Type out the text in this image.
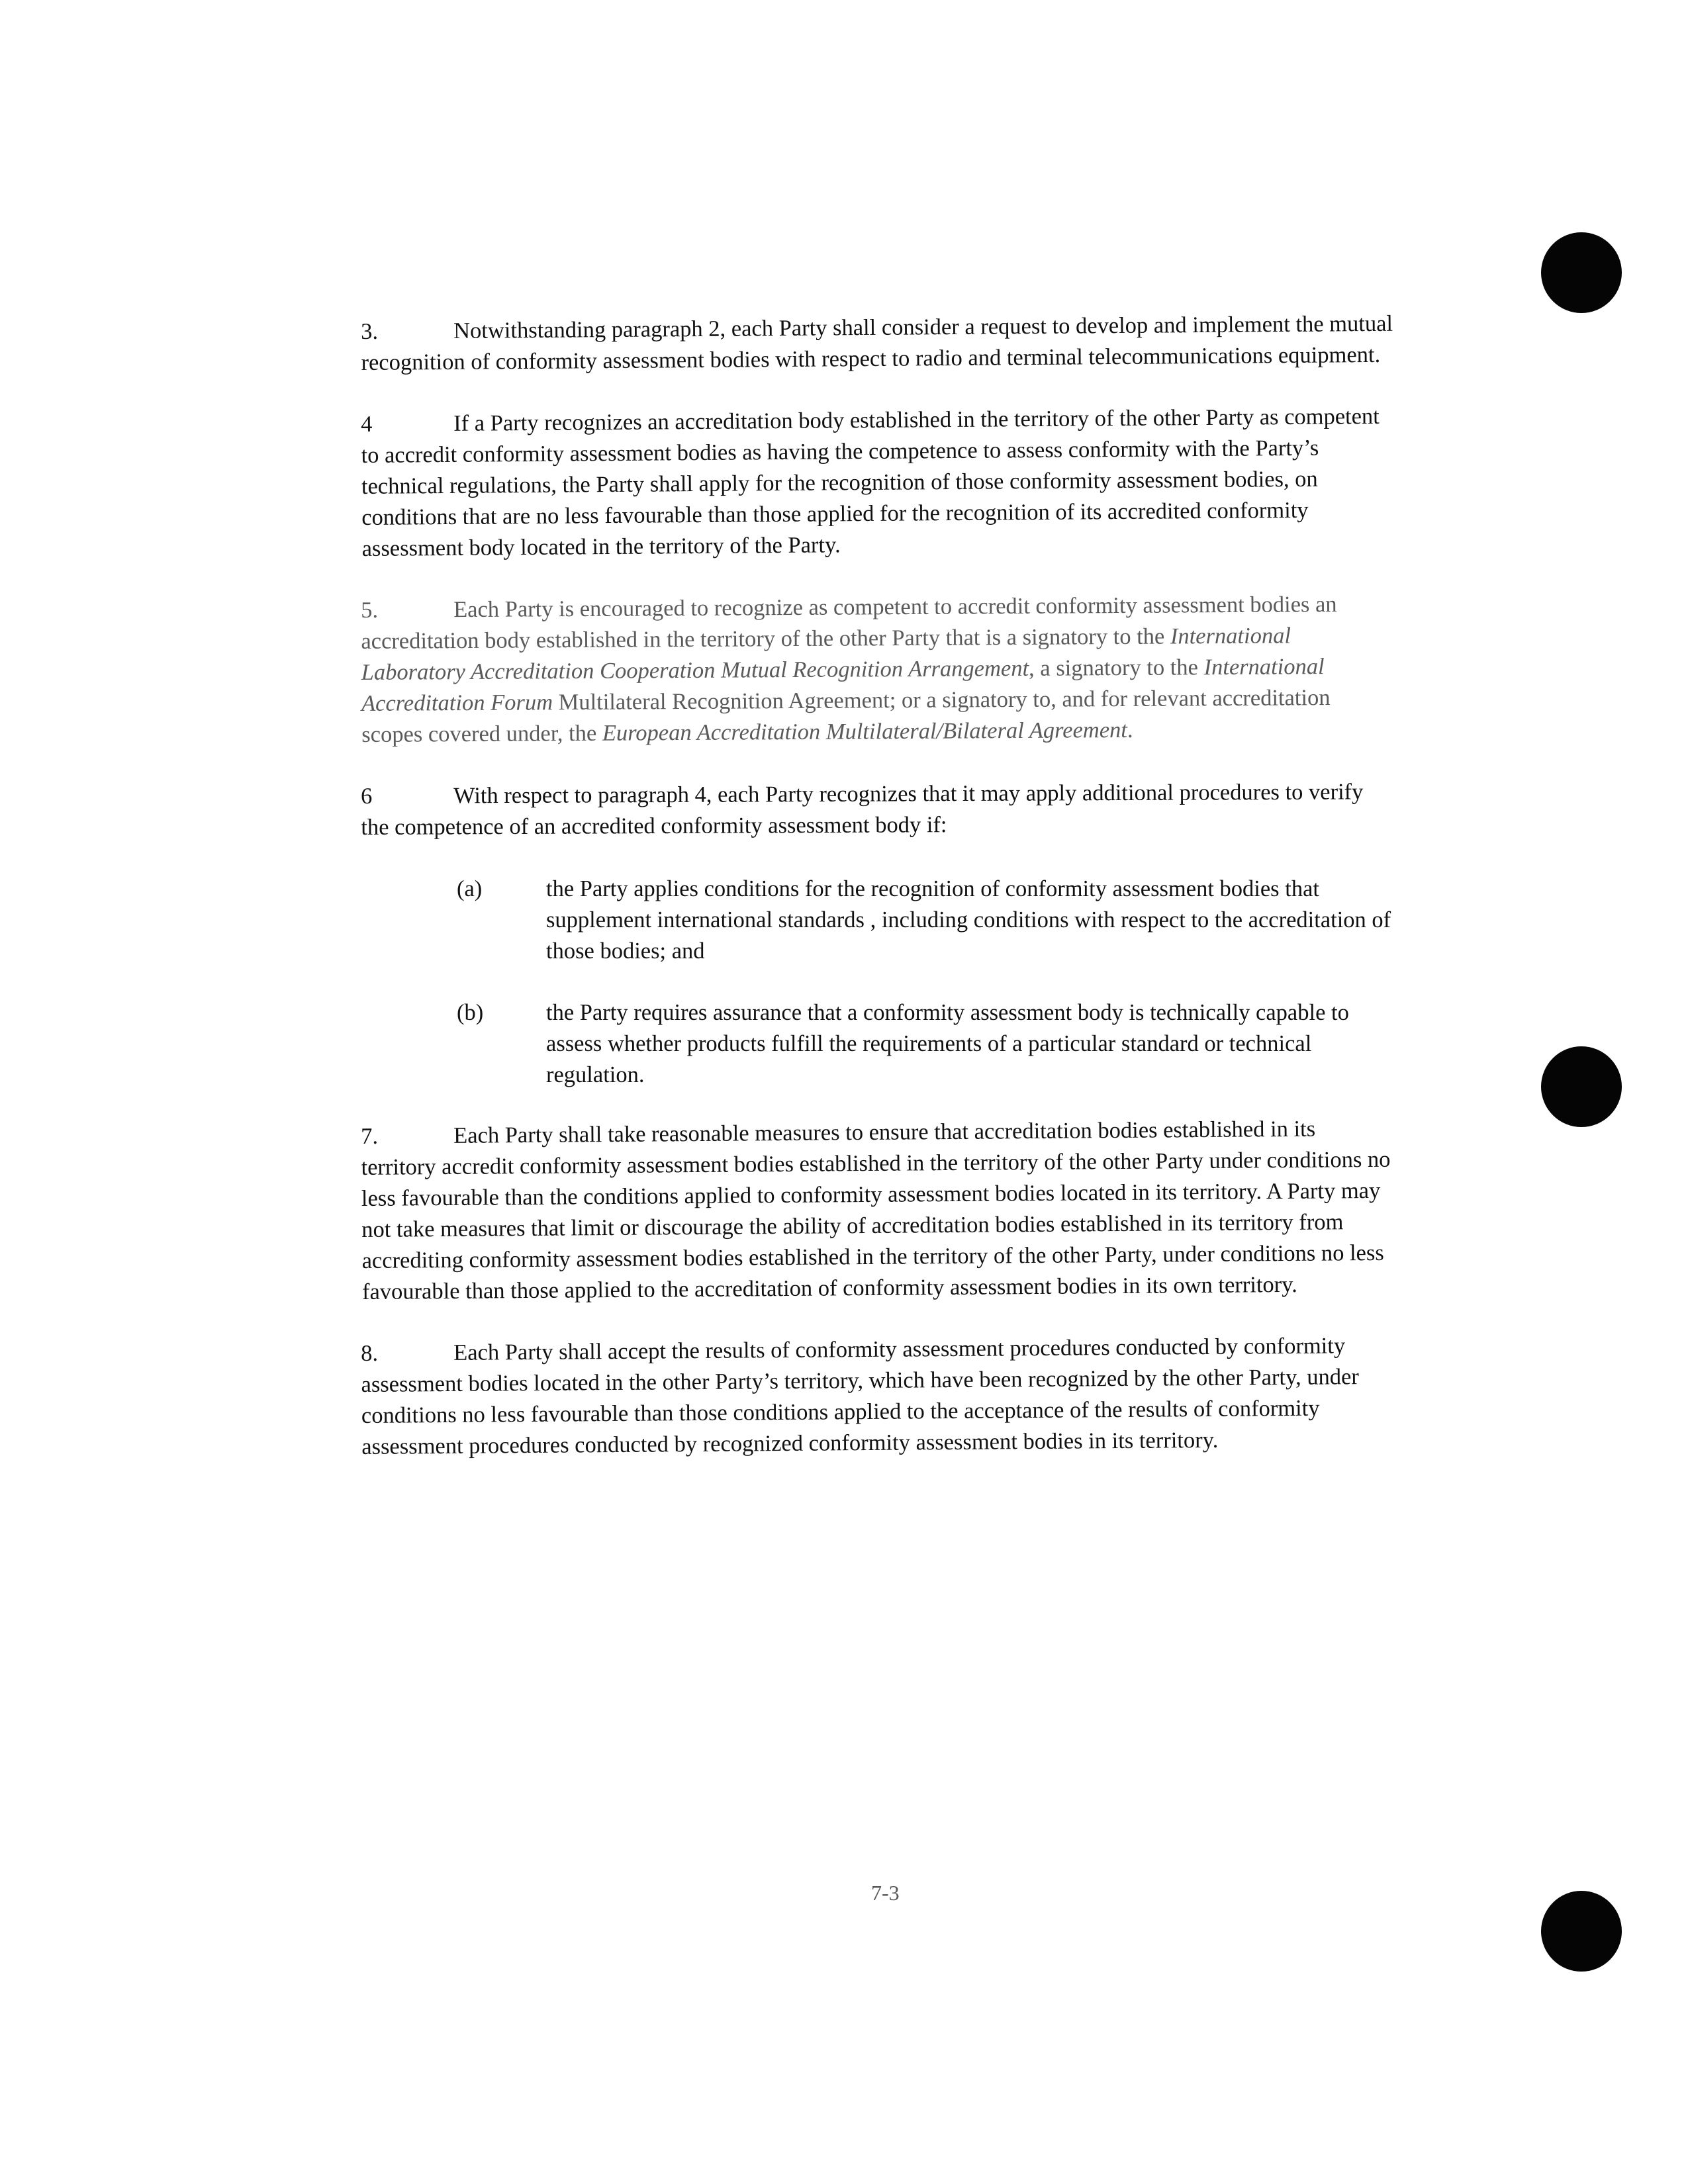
3.	Notwithstanding paragraph 2, each Party shall consider a request to develop and implement the mutual recognition of conformity assessment bodies with respect to radio and terminal telecommunications equipment.

4	If a Party recognizes an accreditation body established in the territory of the other Party as competent to accredit conformity assessment bodies as having the competence to assess conformity with the Party’s technical regulations, the Party shall apply for the recognition of those conformity assessment bodies, on conditions that are no less favourable than those applied for the recognition of its accredited conformity assessment body located in the territory of the Party.

5.	Each Party is encouraged to recognize as competent to accredit conformity assessment bodies an accreditation body established in the territory of the other Party that is a signatory to the International Laboratory Accreditation Cooperation Mutual Recognition Arrangement, a signatory to the International Accreditation Forum Multilateral Recognition Agreement; or a signatory to, and for relevant accreditation scopes covered under, the European Accreditation Multilateral/Bilateral Agreement.

6	With respect to paragraph 4, each Party recognizes that it may apply additional procedures to verify the competence of an accredited conformity assessment body if:

(a)	the Party applies conditions for the recognition of conformity assessment bodies that supplement international standards , including conditions with respect to the accreditation of those bodies; and
(b)	the Party requires assurance that a conformity assessment body is technically capable to assess whether products fulfill the requirements of a particular standard or technical regulation.

7.	Each Party shall take reasonable measures to ensure that accreditation bodies established in its territory accredit conformity assessment bodies established in the territory of the other Party under conditions no less favourable than the conditions applied to conformity assessment bodies located in its territory. A Party may not take measures that limit or discourage the ability of accreditation bodies established in its territory from accrediting conformity assessment bodies established in the territory of the other Party, under conditions no less favourable than those applied to the accreditation of conformity assessment bodies in its own territory.

8.	Each Party shall accept the results of conformity assessment procedures conducted by conformity assessment bodies located in the other Party’s territory, which have been recognized by the other Party, under conditions no less favourable than those conditions applied to the acceptance of the results of conformity assessment procedures conducted by recognized conformity assessment bodies in its territory.

7-3
